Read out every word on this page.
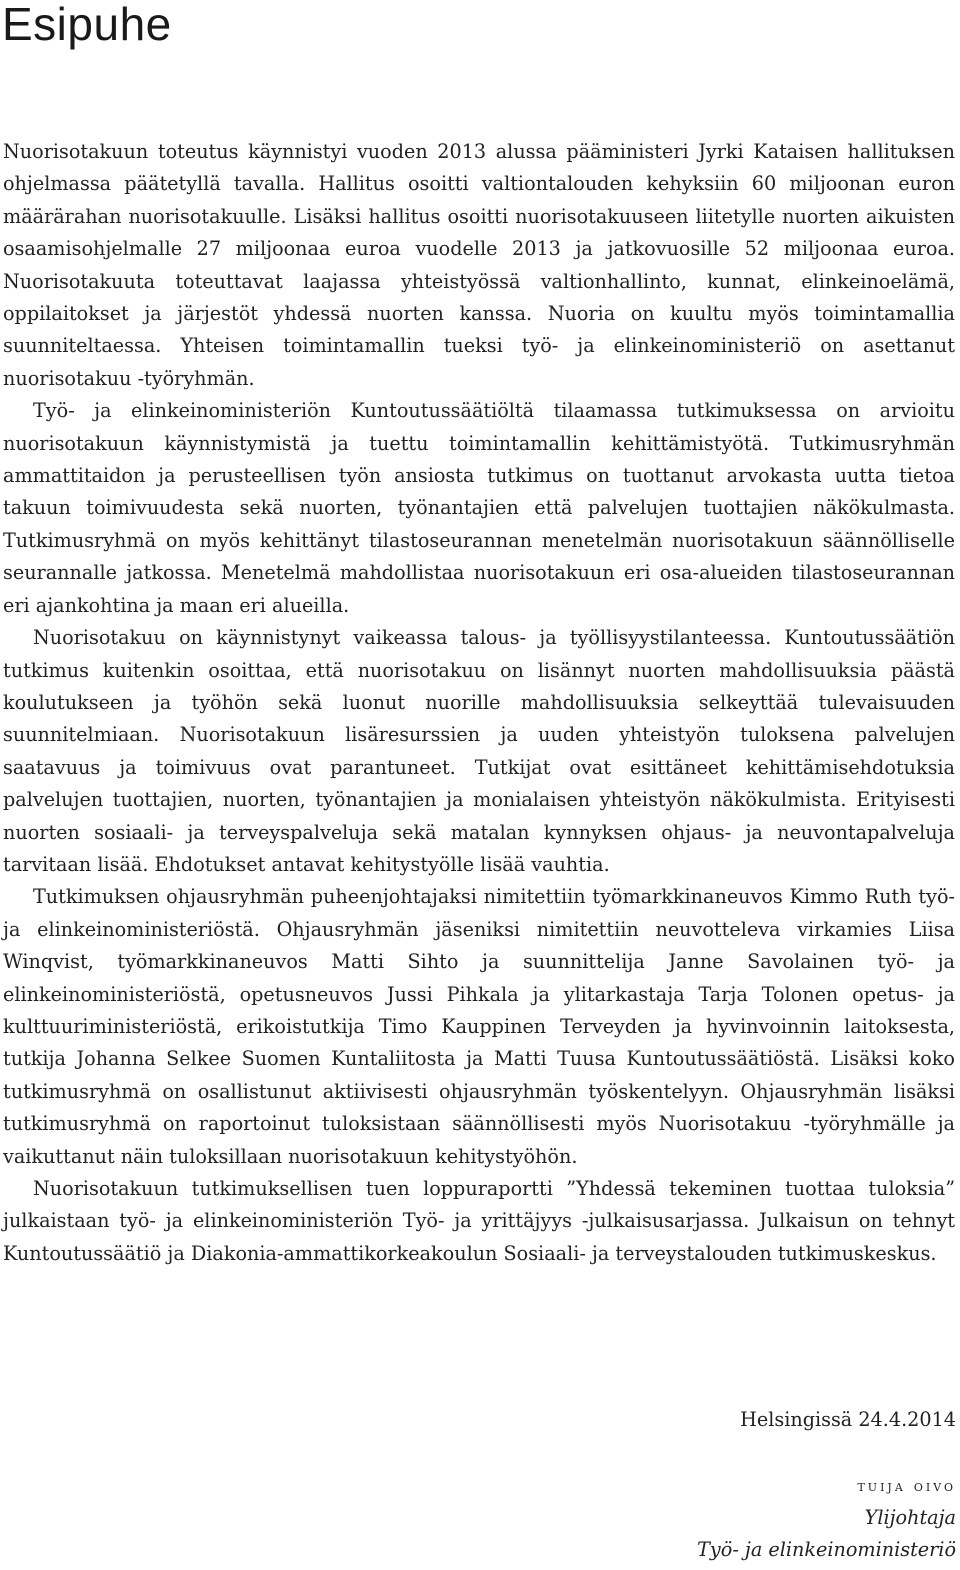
Esipuhe

Nuorisotakuun toteutus käynnistyi vuoden 2013 alussa pääministeri Jyrki Kataisen hallituksen ohjelmassa päätetyllä tavalla. Hallitus osoitti valtiontalouden kehyksiin 60 miljoonan euron määrärahan nuorisotakuulle. Lisäksi hallitus osoitti nuorisotakuuseen liitetylle nuorten aikuisten osaamisohjelmalle 27 miljoonaa euroa vuodelle 2013 ja jatkovuosille 52 miljoonaa euroa. Nuorisotakuuta toteuttavat laajassa yhteistyössä valtionhallinto, kunnat, elinkeinoelämä, oppilaitokset ja järjestöt yhdessä nuorten kanssa. Nuoria on kuultu myös toimintamallia suunniteltaessa. Yhteisen toimintamallin tueksi työ- ja elinkeinoministeriö on asettanut nuorisotakuu -työryhmän.

Työ- ja elinkeinoministeriön Kuntoutussäätiöltä tilaamassa tutkimuksessa on arvioitu nuorisotakuun käynnistymistä ja tuettu toimintamallin kehittämistyötä. Tutkimusryhmän ammattitaidon ja perusteellisen työn ansiosta tutkimus on tuottanut arvokasta uutta tietoa takuun toimivuudesta sekä nuorten, työnantajien että palvelujen tuottajien näkökulmasta. Tutkimusryhmä on myös kehittänyt tilastoseurannan menetelmän nuorisotakuun säännölliselle seurannalle jatkossa. Menetelmä mahdollistaa nuorisotakuun eri osa-alueiden tilastoseurannan eri ajankohtina ja maan eri alueilla.

Nuorisotakuu on käynnistynyt vaikeassa talous- ja työllisyystilanteessa. Kuntoutussäätiön tutkimus kuitenkin osoittaa, että nuorisotakuu on lisännyt nuorten mahdollisuuksia päästä koulutukseen ja työhön sekä luonut nuorille mahdollisuuksia selkeyttää tulevaisuuden suunnitelmiaan. Nuorisotakuun lisäresurssien ja uuden yhteistyön tuloksena palvelujen saatavuus ja toimivuus ovat parantuneet. Tutkijat ovat esittäneet kehittämisehdotuksia palvelujen tuottajien, nuorten, työnantajien ja monialaisen yhteistyön näkökulmista. Erityisesti nuorten sosiaali- ja terveyspalveluja sekä matalan kynnyksen ohjaus- ja neuvontapalveluja tarvitaan lisää. Ehdotukset antavat kehitystyölle lisää vauhtia.

Tutkimuksen ohjausryhmän puheenjohtajaksi nimitettiin työmarkkinaneuvos Kimmo Ruth työ- ja elinkeinoministeriöstä. Ohjausryhmän jäseniksi nimitettiin neuvotteleva virkamies Liisa Winqvist, työmarkkinaneuvos Matti Sihto ja suunnittelija Janne Savolainen työ- ja elinkeinoministeriöstä, opetusneuvos Jussi Pihkala ja ylitarkastaja Tarja Tolonen opetus- ja kulttuuriministeriöstä, erikoistutkija Timo Kauppinen Terveyden ja hyvinvoinnin laitoksesta, tutkija Johanna Selkee Suomen Kuntaliitosta ja Matti Tuusa Kuntoutussäätiöstä. Lisäksi koko tutkimusryhmä on osallistunut aktiivisesti ohjausryhmän työskentelyyn. Ohjausryhmän lisäksi tutkimusryhmä on raportoinut tuloksistaan säännöllisesti myös Nuorisotakuu -työryhmälle ja vaikuttanut näin tuloksillaan nuorisotakuun kehitystyöhön.

Nuorisotakuun tutkimuksellisen tuen loppuraportti ”Yhdessä tekeminen tuottaa tuloksia” julkaistaan työ- ja elinkeinoministeriön Työ- ja yrittäjyys -julkaisusarjassa. Julkaisun on tehnyt Kuntoutussäätiö ja Diakonia-ammattikorkeakoulun Sosiaali- ja terveystalouden tutkimuskeskus.

Helsingissä 24.4.2014
tuija oivo
Ylijohtaja
Työ- ja elinkeinoministeriö
